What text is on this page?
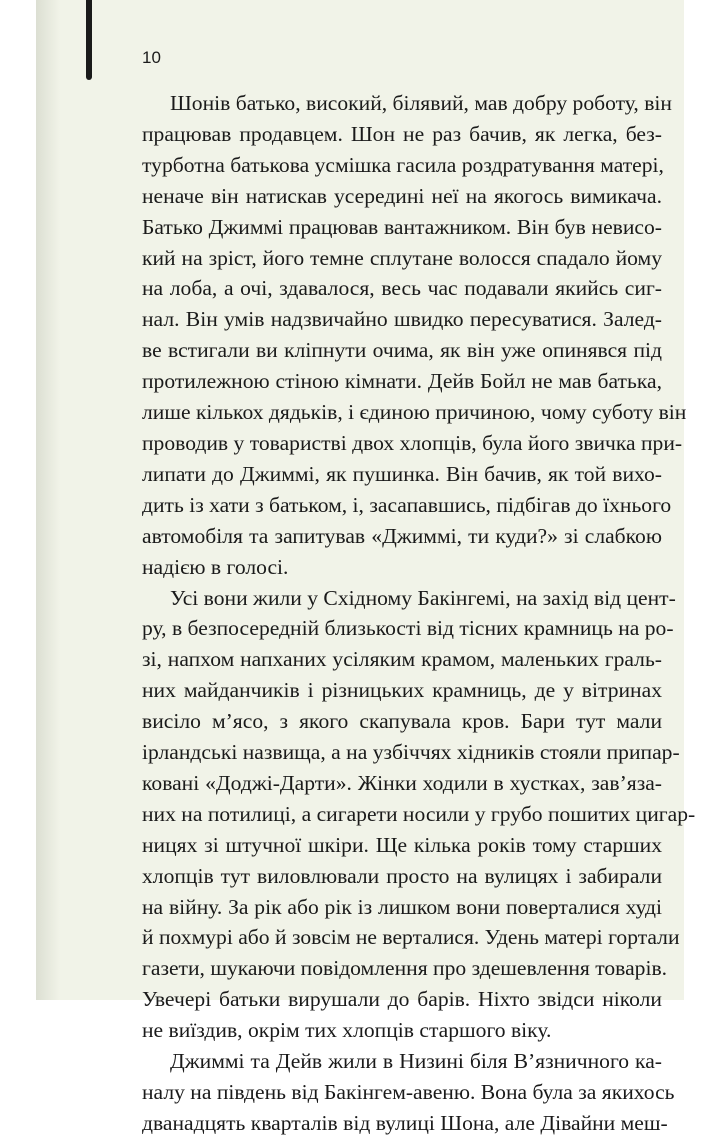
10
Шонів батько, високий, білявий, мав добру роботу, він
працював продавцем. Шон не раз бачив, як легка, без-
турботна батькова усмішка гасила роздратування матері,
неначе він натискав усередині неї на якогось вимикача.
Батько Джиммі працював вантажником. Він був невисо-
кий на зріст, його темне сплутане волосся спадало йому
на лоба, а очі, здавалося, весь час подавали якийсь сиг-
нал. Він умів надзвичайно швидко пересуватися. Залед-
ве встигали ви кліпнути очима, як він уже опинявся під
протилежною стіною кімнати. Дейв Бойл не мав батька,
лише кількох дядьків, і єдиною причиною, чому суботу він
проводив у товаристві двох хлопців, була його звичка при-
липати до Джиммі, як пушинка. Він бачив, як той вихо-
дить із хати з батьком, і, засапавшись, підбігав до їхнього
автомобіля та запитував «Джиммі, ти куди?» зі слабкою
надією в голосі.
Усі вони жили у Східному Бакінгемі, на захід від цент-
ру, в безпосередній близькості від тісних крамниць на ро-
зі, напхом напханих усіляким крамом, маленьких граль-
них майданчиків і різницьких крамниць, де у вітринах
висіло м’ясо, з якого скапувала кров. Бари тут мали
ірландські назвища, а на узбіччях хідників стояли припар-
ковані «Доджі-Дарти». Жінки ходили в хустках, зав’яза-
них на потилиці, а сигарети носили у грубо пошитих цигар-
ницях зі штучної шкіри. Ще кілька років тому старших
хлопців тут виловлювали просто на вулицях і забирали
на війну. За рік або рік із лишком вони поверталися худі
й похмурі або й зовсім не верталися. Удень матері гортали
газети, шукаючи повідомлення про здешевлення товарів.
Увечері батьки вирушали до барів. Ніхто звідси ніколи
не виїздив, окрім тих хлопців старшого віку.
Джиммі та Дейв жили в Низині біля В’язничного ка-
налу на південь від Бакінгем-авеню. Вона була за якихось
дванадцять кварталів від вулиці Шона, але Дівайни меш-
